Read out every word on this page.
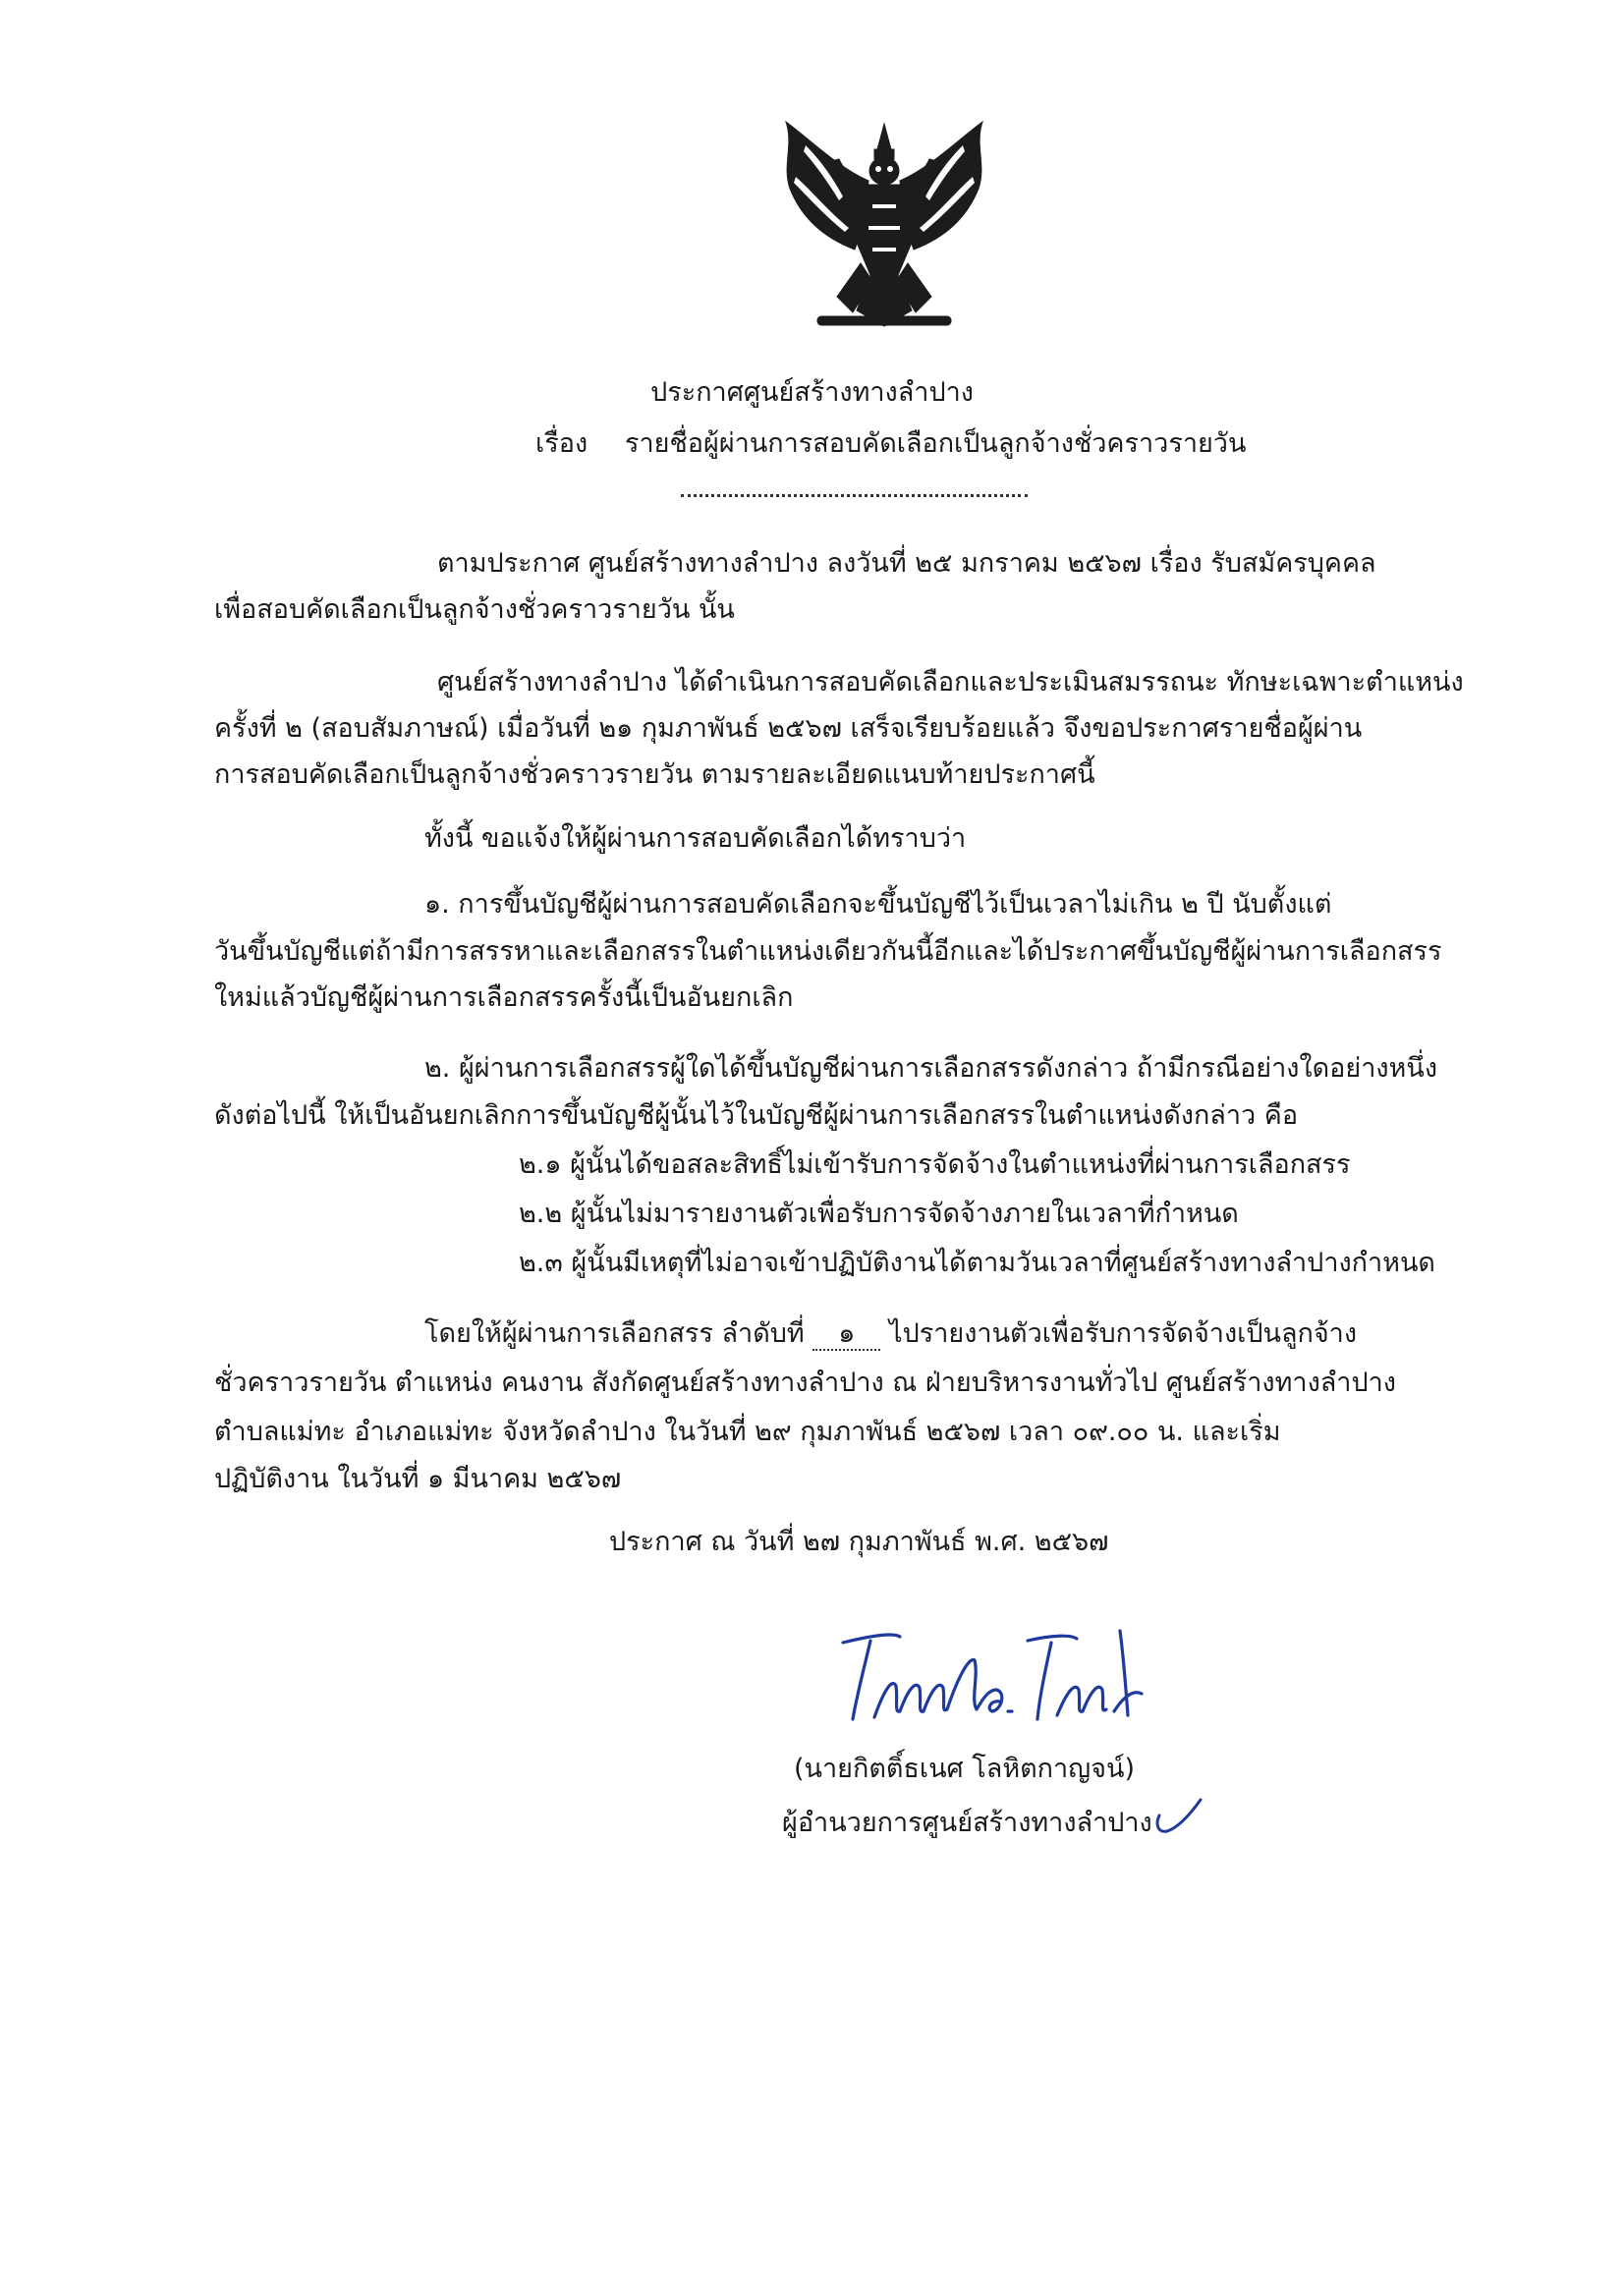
ประกาศศูนย์สร้างทางลำปาง
เรื่อง รายชื่อผู้ผ่านการสอบคัดเลือกเป็นลูกจ้างชั่วคราวรายวัน
ตามประกาศ ศูนย์สร้างทางลำปาง ลงวันที่ ๒๕ มกราคม ๒๕๖๗ เรื่อง รับสมัครบุคคล
เพื่อสอบคัดเลือกเป็นลูกจ้างชั่วคราวรายวัน นั้น
ศูนย์สร้างทางลำปาง ได้ดำเนินการสอบคัดเลือกและประเมินสมรรถนะ ทักษะเฉพาะตำแหน่ง
ครั้งที่ ๒ (สอบสัมภาษณ์) เมื่อวันที่ ๒๑ กุมภาพันธ์ ๒๕๖๗ เสร็จเรียบร้อยแล้ว จึงขอประกาศรายชื่อผู้ผ่าน
การสอบคัดเลือกเป็นลูกจ้างชั่วคราวรายวัน ตามรายละเอียดแนบท้ายประกาศนี้
ทั้งนี้ ขอแจ้งให้ผู้ผ่านการสอบคัดเลือกได้ทราบว่า
๑. การขึ้นบัญชีผู้ผ่านการสอบคัดเลือกจะขึ้นบัญชีไว้เป็นเวลาไม่เกิน ๒ ปี นับตั้งแต่
วันขึ้นบัญชีแต่ถ้ามีการสรรหาและเลือกสรรในตำแหน่งเดียวกันนี้อีกและได้ประกาศขึ้นบัญชีผู้ผ่านการเลือกสรร
ใหม่แล้วบัญชีผู้ผ่านการเลือกสรรครั้งนี้เป็นอันยกเลิก
๒. ผู้ผ่านการเลือกสรรผู้ใดได้ขึ้นบัญชีผ่านการเลือกสรรดังกล่าว ถ้ามีกรณีอย่างใดอย่างหนึ่ง
ดังต่อไปนี้ ให้เป็นอันยกเลิกการขึ้นบัญชีผู้นั้นไว้ในบัญชีผู้ผ่านการเลือกสรรในตำแหน่งดังกล่าว คือ
๒.๑ ผู้นั้นได้ขอสละสิทธิ์ไม่เข้ารับการจัดจ้างในตำแหน่งที่ผ่านการเลือกสรร
๒.๒ ผู้นั้นไม่มารายงานตัวเพื่อรับการจัดจ้างภายในเวลาที่กำหนด
๒.๓ ผู้นั้นมีเหตุที่ไม่อาจเข้าปฏิบัติงานได้ตามวันเวลาที่ศูนย์สร้างทางลำปางกำหนด
โดยให้ผู้ผ่านการเลือกสรร ลำดับที่ ๑ ไปรายงานตัวเพื่อรับการจัดจ้างเป็นลูกจ้าง
ชั่วคราวรายวัน ตำแหน่ง คนงาน สังกัดศูนย์สร้างทางลำปาง ณ ฝ่ายบริหารงานทั่วไป ศูนย์สร้างทางลำปาง
ตำบลแม่ทะ อำเภอแม่ทะ จังหวัดลำปาง ในวันที่ ๒๙ กุมภาพันธ์ ๒๕๖๗ เวลา ๐๙.๐๐ น. และเริ่ม
ปฏิบัติงาน ในวันที่ ๑ มีนาคม ๒๕๖๗
ประกาศ ณ วันที่ ๒๗ กุมภาพันธ์ พ.ศ. ๒๕๖๗
(นายกิตติ์ธเนศ โลหิตกาญจน์)
ผู้อำนวยการศูนย์สร้างทางลำปาง
